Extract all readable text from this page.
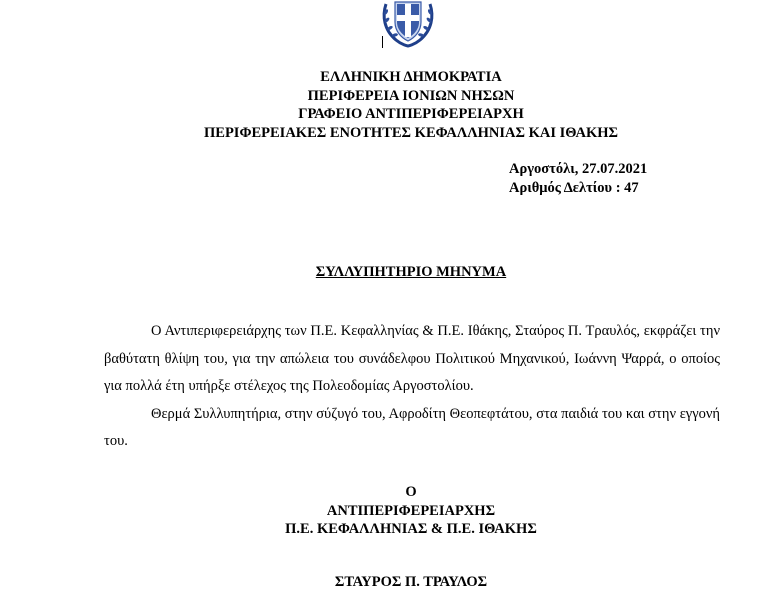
ΕΛΛΗΝΙΚΗ ΔΗΜΟΚΡΑΤΙΑ
ΠΕΡΙΦΕΡΕΙΑ ΙΟΝΙΩΝ ΝΗΣΩΝ
ΓΡΑΦΕΙΟ ΑΝΤΙΠΕΡΙΦΕΡΕΙΑΡΧΗ
ΠΕΡΙΦΕΡΕΙΑΚΕΣ ΕΝΟΤΗΤΕΣ ΚΕΦΑΛΛΗΝΙΑΣ ΚΑΙ ΙΘΑΚΗΣ
Αργοστόλι, 27.07.2021
Αριθμός Δελτίου : 47
ΣΥΛΛΥΠΗΤΗΡΙΟ ΜΗΝΥΜΑ

Ο Αντιπεριφερειάρχης των Π.Ε. Κεφαλληνίας & Π.Ε. Ιθάκης, Σταύρος Π. Τραυλός, εκφράζει την βαθύτατη θλίψη του, για την απώλεια του συνάδελφου Πολιτικού Μηχανικού, Ιωάννη Ψαρρά, ο οποίος για πολλά έτη υπήρξε στέλεχος της Πολεοδομίας Αργοστολίου.

Θερμά Συλλυπητήρια, στην σύζυγό του, Αφροδίτη Θεοπεφτάτου, στα παιδιά του και στην εγγονή του.

Ο
ΑΝΤΙΠΕΡΙΦΕΡΕΙΑΡΧΗΣ
Π.Ε. ΚΕΦΑΛΛΗΝΙΑΣ & Π.Ε. ΙΘΑΚΗΣ
ΣΤΑΥΡΟΣ Π. ΤΡΑΥΛΟΣ
